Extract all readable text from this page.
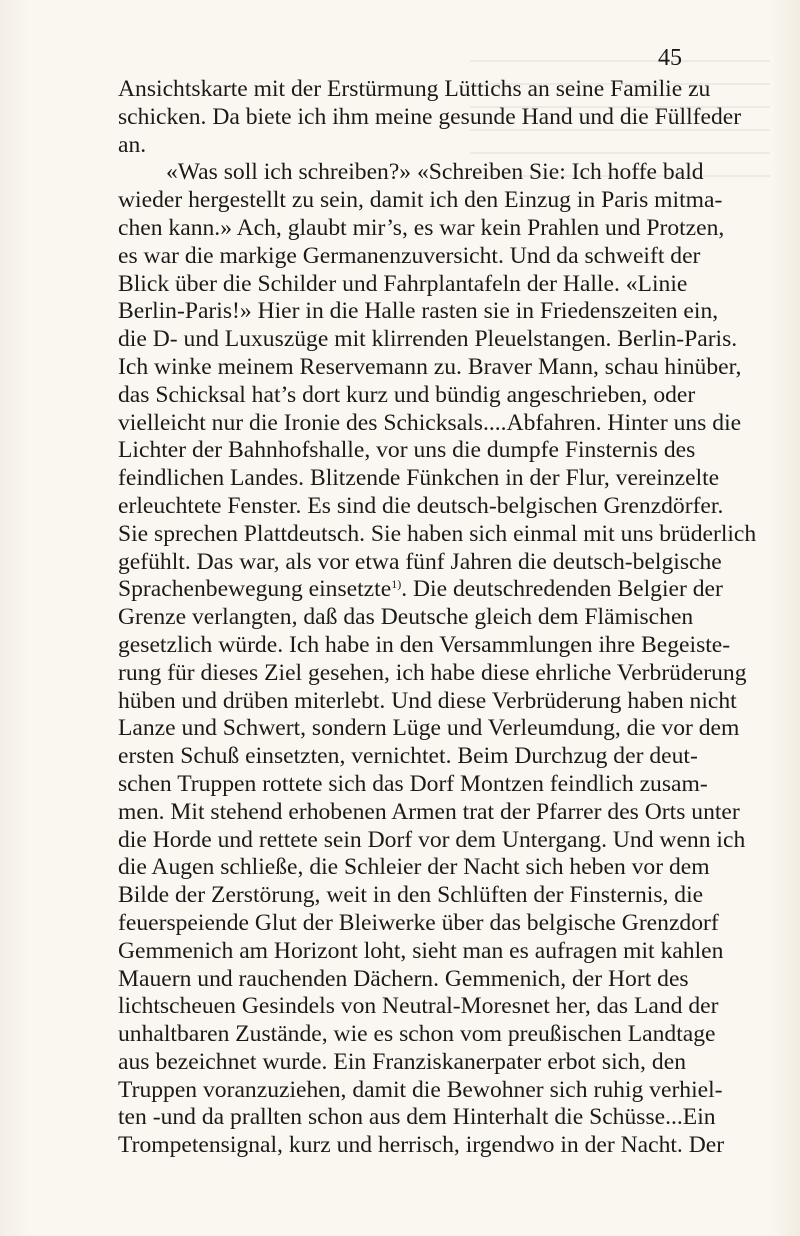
45
Ansichtskarte mit der Erstürmung Lüttichs an seine Familie zu
schicken. Da biete ich ihm meine gesunde Hand und die Füllfeder
an.
«Was soll ich schreiben?» «Schreiben Sie: Ich hoffe bald
wieder hergestellt zu sein, damit ich den Einzug in Paris mitma-
chen kann.» Ach, glaubt mir’s, es war kein Prahlen und Protzen,
es war die markige Germanenzuversicht. Und da schweift der
Blick über die Schilder und Fahrplantafeln der Halle. «Linie
Berlin-Paris!» Hier in die Halle rasten sie in Friedenszeiten ein,
die D- und Luxuszüge mit klirrenden Pleuelstangen. Berlin-Paris.
Ich winke meinem Reservemann zu. Braver Mann, schau hinüber,
das Schicksal hat’s dort kurz und bündig angeschrieben, oder
vielleicht nur die Ironie des Schicksals....Abfahren. Hinter uns die
Lichter der Bahnhofshalle, vor uns die dumpfe Finsternis des
feindlichen Landes. Blitzende Fünkchen in der Flur, vereinzelte
erleuchtete Fenster. Es sind die deutsch-belgischen Grenzdörfer.
Sie sprechen Plattdeutsch. Sie haben sich einmal mit uns brüderlich
gefühlt. Das war, als vor etwa fünf Jahren die deutsch-belgische
Sprachenbewegung einsetzte$^{1)}$. Die deutschredenden Belgier der
Grenze verlangten, daß das Deutsche gleich dem Flämischen
gesetzlich würde. Ich habe in den Versammlungen ihre Begeiste-
rung für dieses Ziel gesehen, ich habe diese ehrliche Verbrüderung
hüben und drüben miterlebt. Und diese Verbrüderung haben nicht
Lanze und Schwert, sondern Lüge und Verleumdung, die vor dem
ersten Schuß einsetzten, vernichtet. Beim Durchzug der deut-
schen Truppen rottete sich das Dorf Montzen feindlich zusam-
men. Mit stehend erhobenen Armen trat der Pfarrer des Orts unter
die Horde und rettete sein Dorf vor dem Untergang. Und wenn ich
die Augen schließe, die Schleier der Nacht sich heben vor dem
Bilde der Zerstörung, weit in den Schlüften der Finsternis, die
feuerspeiende Glut der Bleiwerke über das belgische Grenzdorf
Gemmenich am Horizont loht, sieht man es aufragen mit kahlen
Mauern und rauchenden Dächern. Gemmenich, der Hort des
lichtscheuen Gesindels von Neutral-Moresnet her, das Land der
unhaltbaren Zustände, wie es schon vom preußischen Landtage
aus bezeichnet wurde. Ein Franziskanerpater erbot sich, den
Truppen voranzuziehen, damit die Bewohner sich ruhig verhiel-
ten -und da prallten schon aus dem Hinterhalt die Schüsse...Ein
Trompetensignal, kurz und herrisch, irgendwo in der Nacht. Der
